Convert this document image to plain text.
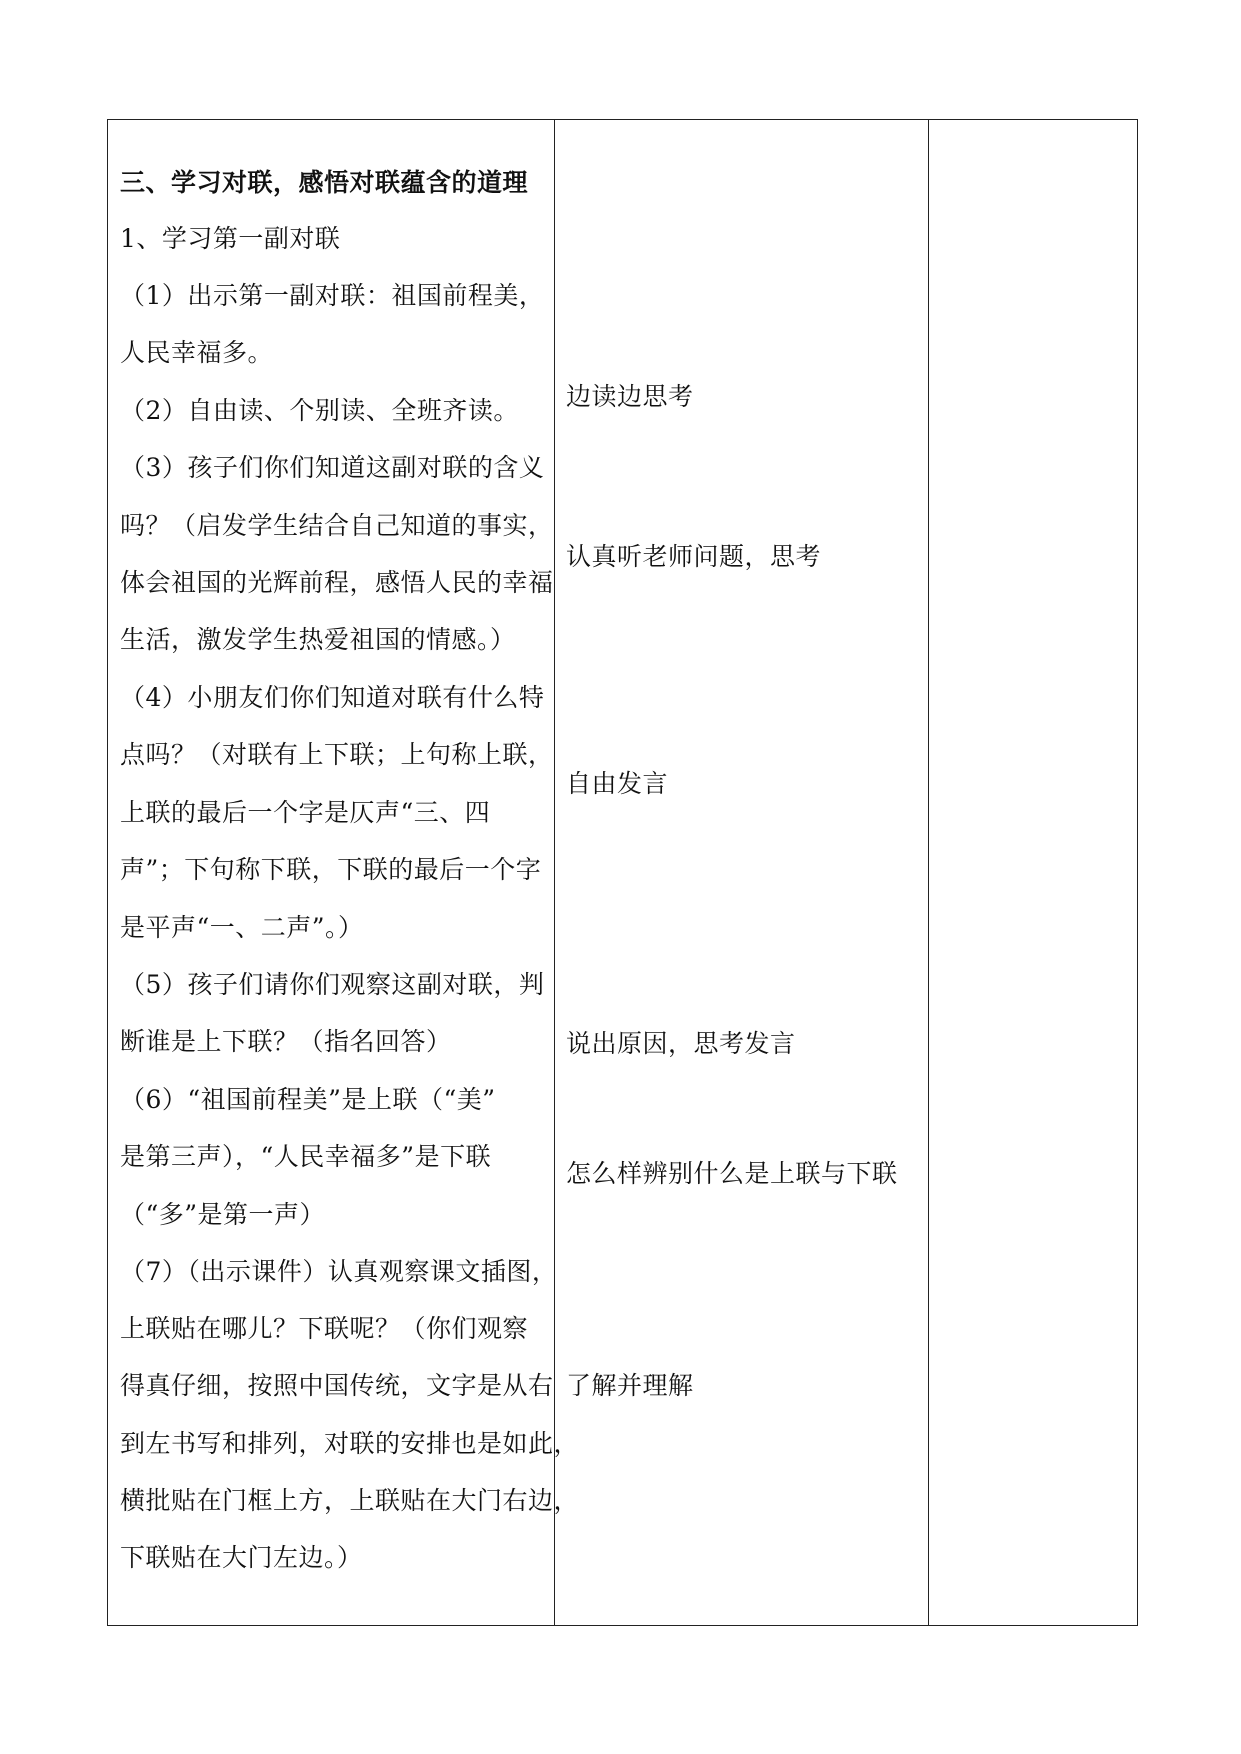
三、学习对联，感悟对联蕴含的道理
1、学习第一副对联
（1）出示第一副对联：祖国前程美，
人民幸福多。
（2）自由读、个别读、全班齐读。
（3）孩子们你们知道这副对联的含义
吗？（启发学生结合自己知道的事实，
体会祖国的光辉前程，感悟人民的幸福
生活，激发学生热爱祖国的情感。）
（4）小朋友们你们知道对联有什么特
点吗？（对联有上下联；上句称上联，
上联的最后一个字是仄声“三、四
声”；下句称下联，下联的最后一个字
是平声“一、二声”。）
（5）孩子们请你们观察这副对联，判
断谁是上下联？（指名回答）
（6）“祖国前程美”是上联（“美”
是第三声），“人民幸福多”是下联
（“多”是第一声）
（7）（出示课件）认真观察课文插图，
上联贴在哪儿？下联呢？（你们观察
得真仔细，按照中国传统，文字是从右
到左书写和排列，对联的安排也是如此，
横批贴在门框上方，上联贴在大门右边，
下联贴在大门左边。）
边读边思考
认真听老师问题，思考
自由发言
说出原因，思考发言
怎么样辨别什么是上联与下联
了解并理解
